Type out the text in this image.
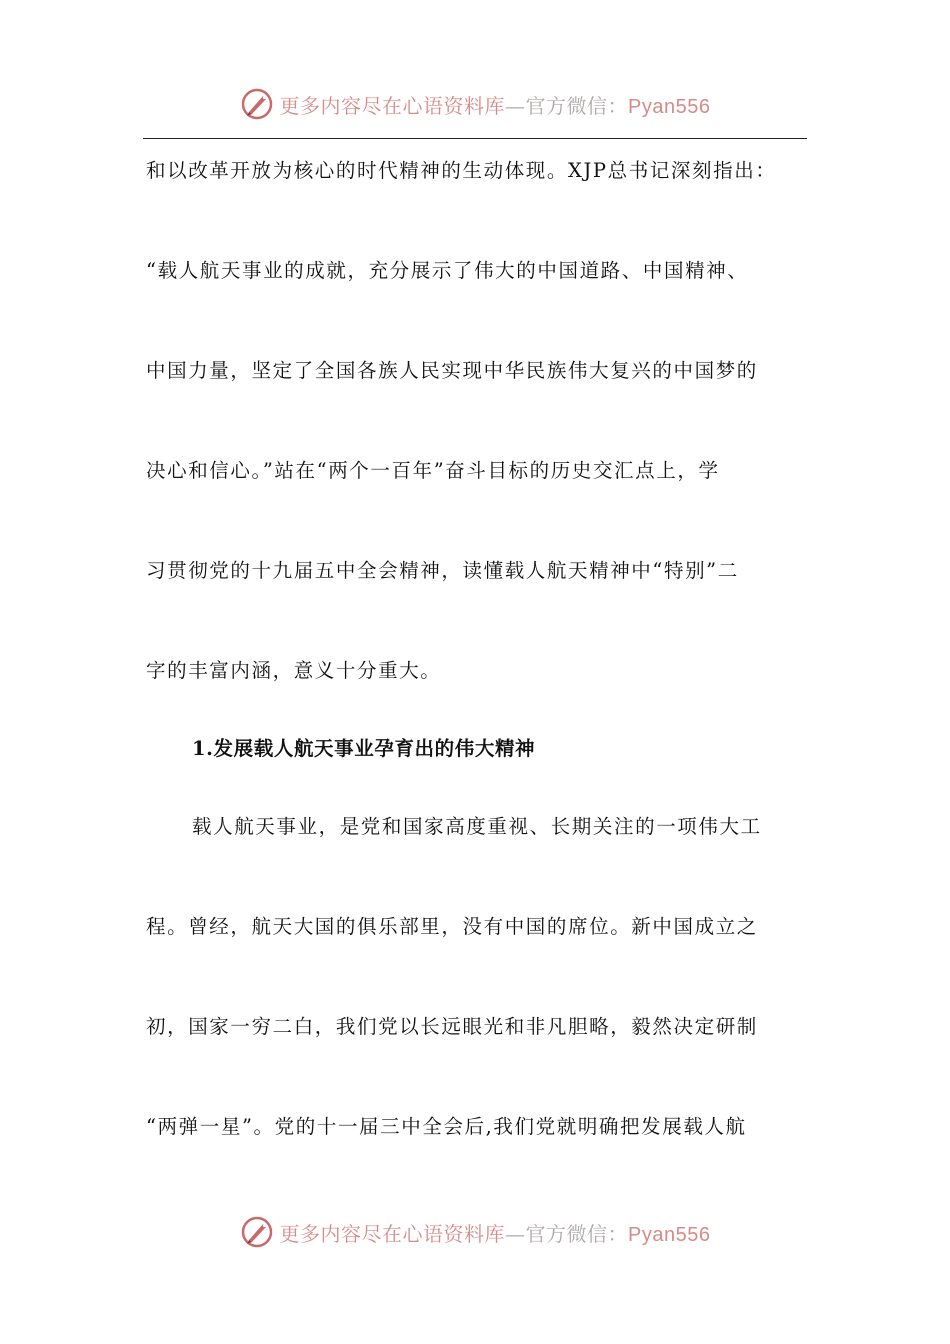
更多内容尽在心语资料库—官方微信：Pyan556
和以改革开放为核心的时代精神的生动体现。XJP总书记深刻指出：
“载人航天事业的成就，充分展示了伟大的中国道路、中国精神、
中国力量，坚定了全国各族人民实现中华民族伟大复兴的中国梦的
决心和信心。”站在“两个一百年”奋斗目标的历史交汇点上，学
习贯彻党的十九届五中全会精神，读懂载人航天精神中“特别”二
字的丰富内涵，意义十分重大。
1.发展载人航天事业孕育出的伟大精神
载人航天事业，是党和国家高度重视、长期关注的一项伟大工
程。曾经，航天大国的俱乐部里，没有中国的席位。新中国成立之
初，国家一穷二白，我们党以长远眼光和非凡胆略，毅然决定研制
“两弹一星”。党的十一届三中全会后,我们党就明确把发展载人航
更多内容尽在心语资料库—官方微信：Pyan556
